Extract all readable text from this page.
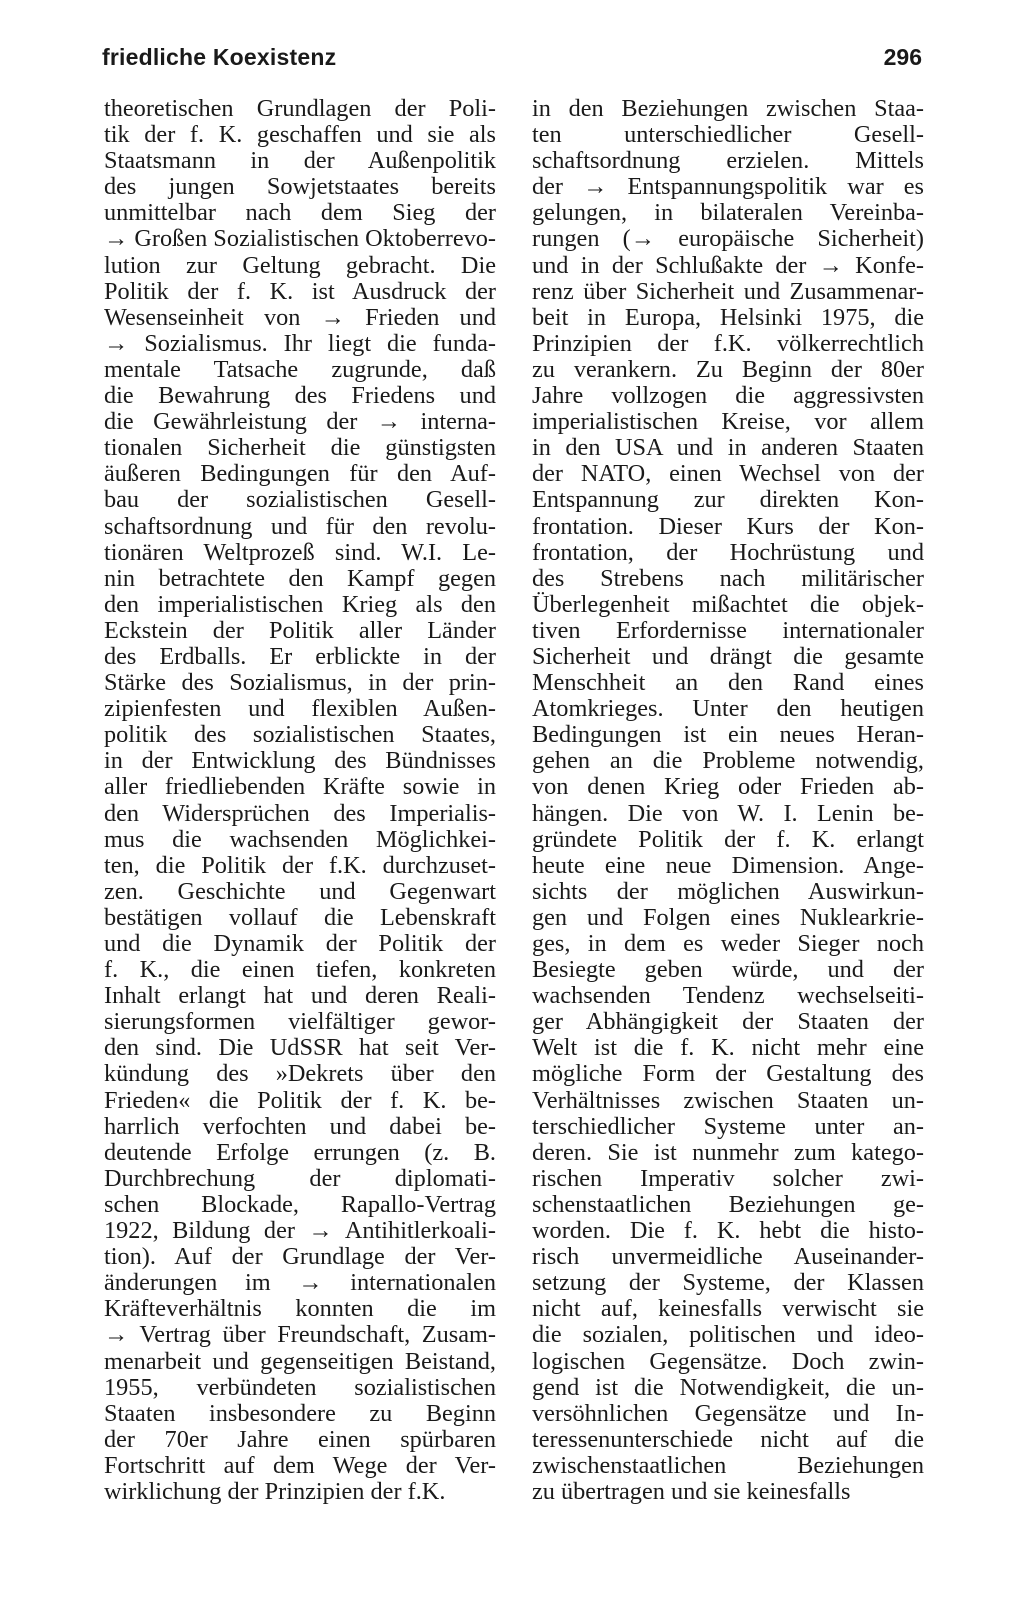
friedliche Koexistenz	296
theoretischen Grundlagen der Poli-
tik der f. K. geschaffen und sie als
Staatsmann in der Außenpolitik
des jungen Sowjetstaates bereits
unmittelbar nach dem Sieg der
→ Großen Sozialistischen Oktoberrevo-
lution zur Geltung gebracht. Die
Politik der f. K. ist Ausdruck der
Wesenseinheit von → Frieden und
→ Sozialismus. Ihr liegt die funda-
mentale Tatsache zugrunde, daß
die Bewahrung des Friedens und
die Gewährleistung der → interna-
tionalen Sicherheit die günstigsten
äußeren Bedingungen für den Auf-
bau der sozialistischen Gesell-
schaftsordnung und für den revolu-
tionären Weltprozeß sind. W.I. Le-
nin betrachtete den Kampf gegen
den imperialistischen Krieg als den
Eckstein der Politik aller Länder
des Erdballs. Er erblickte in der
Stärke des Sozialismus, in der prin-
zipienfesten und flexiblen Außen-
politik des sozialistischen Staates,
in der Entwicklung des Bündnisses
aller friedliebenden Kräfte sowie in
den Widersprüchen des Imperialis-
mus die wachsenden Möglichkei-
ten, die Politik der f.K. durchzuset-
zen. Geschichte und Gegenwart
bestätigen vollauf die Lebenskraft
und die Dynamik der Politik der
f. K., die einen tiefen, konkreten
Inhalt erlangt hat und deren Reali-
sierungsformen vielfältiger gewor-
den sind. Die UdSSR hat seit Ver-
kündung des »Dekrets über den
Frieden« die Politik der f. K. be-
harrlich verfochten und dabei be-
deutende Erfolge errungen (z. B.
Durchbrechung der diplomati-
schen Blockade, Rapallo-Vertrag
1922, Bildung der → Antihitlerkoali-
tion). Auf der Grundlage der Ver-
änderungen im → internationalen
Kräfteverhältnis konnten die im
→ Vertrag über Freundschaft, Zusam-
menarbeit und gegenseitigen Beistand,
1955, verbündeten sozialistischen
Staaten insbesondere zu Beginn
der 70er Jahre einen spürbaren
Fortschritt auf dem Wege der Ver-
wirklichung der Prinzipien der f.K.
in den Beziehungen zwischen Staa-
ten unterschiedlicher Gesell-
schaftsordnung erzielen. Mittels
der → Entspannungspolitik war es
gelungen, in bilateralen Vereinba-
rungen (→ europäische Sicherheit)
und in der Schlußakte der → Konfe-
renz über Sicherheit und Zusammenar-
beit in Europa, Helsinki 1975, die
Prinzipien der f.K. völkerrechtlich
zu verankern. Zu Beginn der 80er
Jahre vollzogen die aggressivsten
imperialistischen Kreise, vor allem
in den USA und in anderen Staaten
der NATO, einen Wechsel von der
Entspannung zur direkten Kon-
frontation. Dieser Kurs der Kon-
frontation, der Hochrüstung und
des Strebens nach militärischer
Überlegenheit mißachtet die objek-
tiven Erfordernisse internationaler
Sicherheit und drängt die gesamte
Menschheit an den Rand eines
Atomkrieges. Unter den heutigen
Bedingungen ist ein neues Heran-
gehen an die Probleme notwendig,
von denen Krieg oder Frieden ab-
hängen. Die von W. I. Lenin be-
gründete Politik der f. K. erlangt
heute eine neue Dimension. Ange-
sichts der möglichen Auswirkun-
gen und Folgen eines Nuklearkrie-
ges, in dem es weder Sieger noch
Besiegte geben würde, und der
wachsenden Tendenz wechselseiti-
ger Abhängigkeit der Staaten der
Welt ist die f. K. nicht mehr eine
mögliche Form der Gestaltung des
Verhältnisses zwischen Staaten un-
terschiedlicher Systeme unter an-
deren. Sie ist nunmehr zum katego-
rischen Imperativ solcher zwi-
schenstaatlichen Beziehungen ge-
worden. Die f. K. hebt die histo-
risch unvermeidliche Auseinander-
setzung der Systeme, der Klassen
nicht auf, keinesfalls verwischt sie
die sozialen, politischen und ideo-
logischen Gegensätze. Doch zwin-
gend ist die Notwendigkeit, die un-
versöhnlichen Gegensätze und In-
teressenunterschiede nicht auf die
zwischenstaatlichen Beziehungen
zu übertragen und sie keinesfalls
